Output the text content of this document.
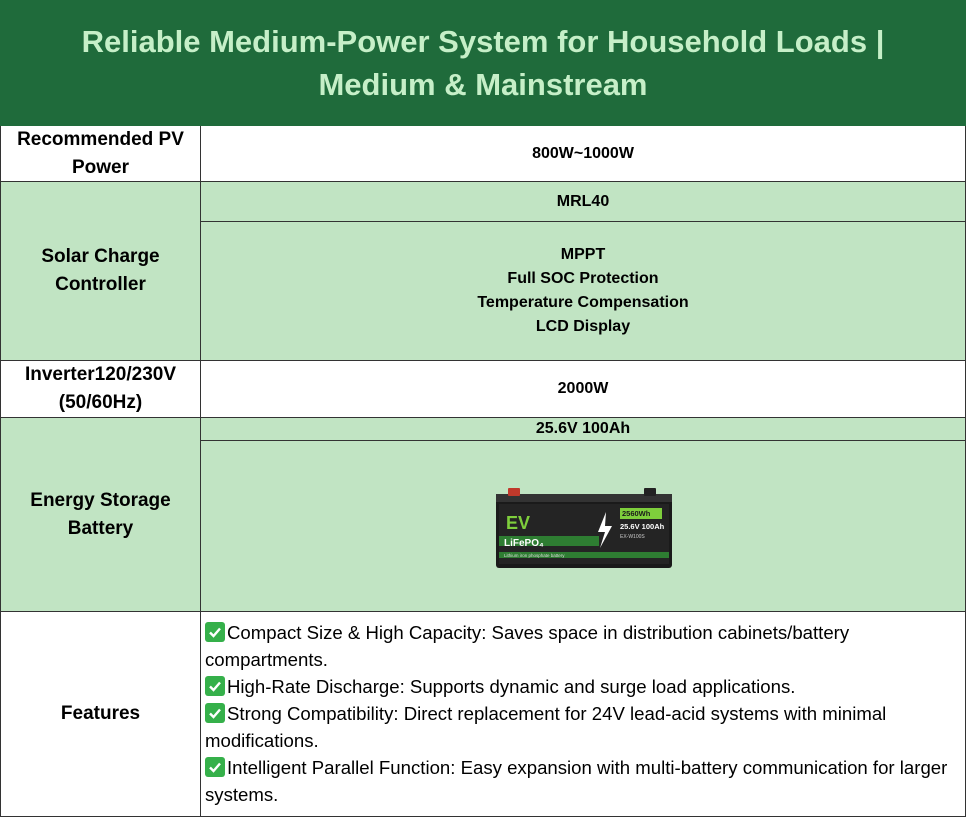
Reliable Medium-Power System for Household Loads |
Medium & Mainstream
Recommended PV Power
800W~1000W
Solar Charge Controller
MRL40
MPPT
Full SOC Protection
Temperature Compensation
LCD Display
Inverter120/230V
(50/60Hz)
2000W
Energy Storage Battery
25.6V 100Ah
EV
LiFePO₄
Lithium iron phosphate battery
2560Wh
25.6V 100Ah
EX-W100S
Features
Compact Size & High Capacity: Saves space in distribution cabinets/battery compartments.
High-Rate Discharge: Supports dynamic and surge load applications.
Strong Compatibility: Direct replacement for 24V lead-acid systems with minimal modifications.
Intelligent Parallel Function: Easy expansion with multi-battery communication for larger systems.
